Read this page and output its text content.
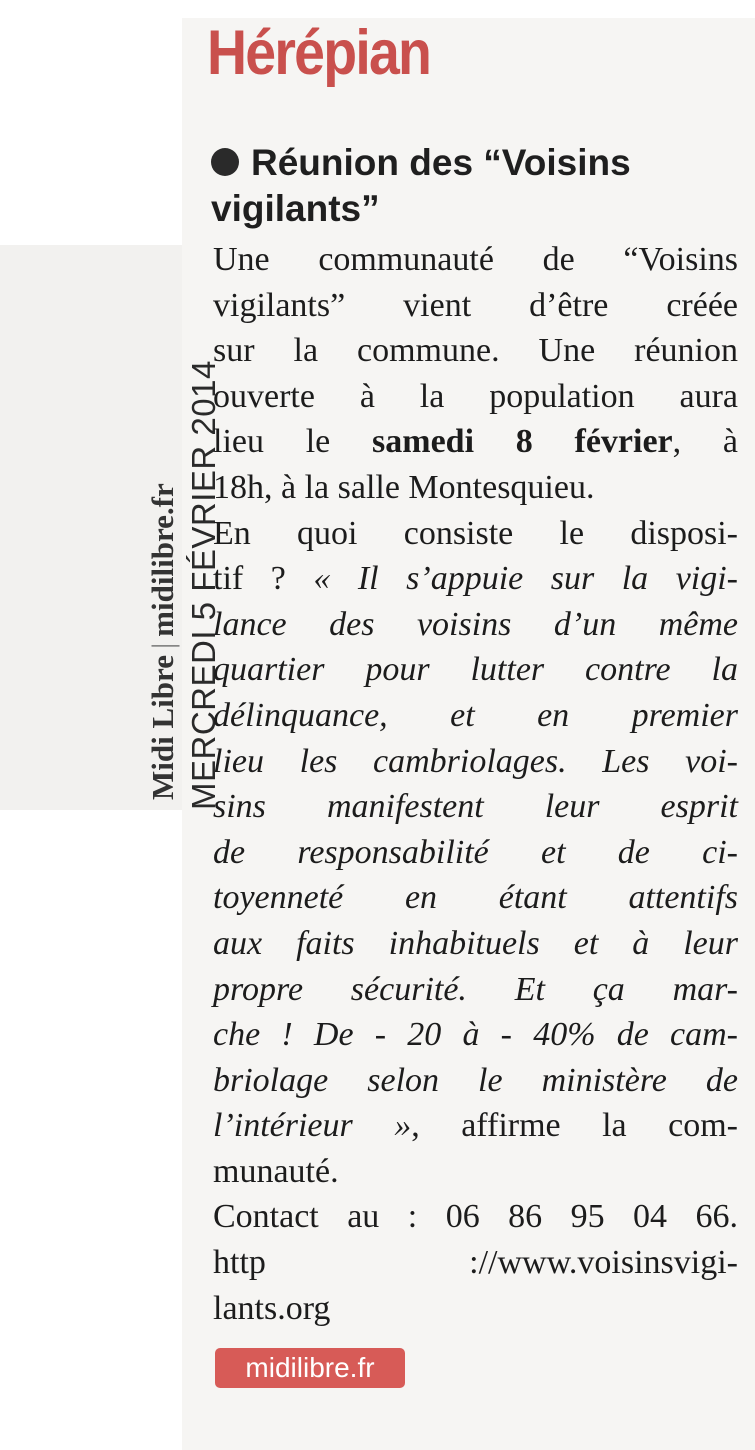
Midi Libre|midilibre.fr MERCREDI 5 FÉVRIER 2014
Hérépian
Réunion des “Voisins vigilants”
Une communauté de “Voisins
vigilants” vient d’être créée
sur la commune. Une réunion
ouverte à la population aura
lieu le samedi 8 février, à
18h, à la salle Montesquieu.
En quoi consiste le disposi-
tif ? « Il s’appuie sur la vigi-
lance des voisins d’un même
quartier pour lutter contre la
délinquance, et en premier
lieu les cambriolages. Les voi-
sins manifestent leur esprit
de responsabilité et de ci-
toyenneté en étant attentifs
aux faits inhabituels et à leur
propre sécurité. Et ça mar-
che ! De - 20 à - 40% de cam-
briolage selon le ministère de
l’intérieur », affirme la com-
munauté.
Contact au : 06 86 95 04 66.
http ://www.voisinsvigi-
lants.org
midilibre.fr
